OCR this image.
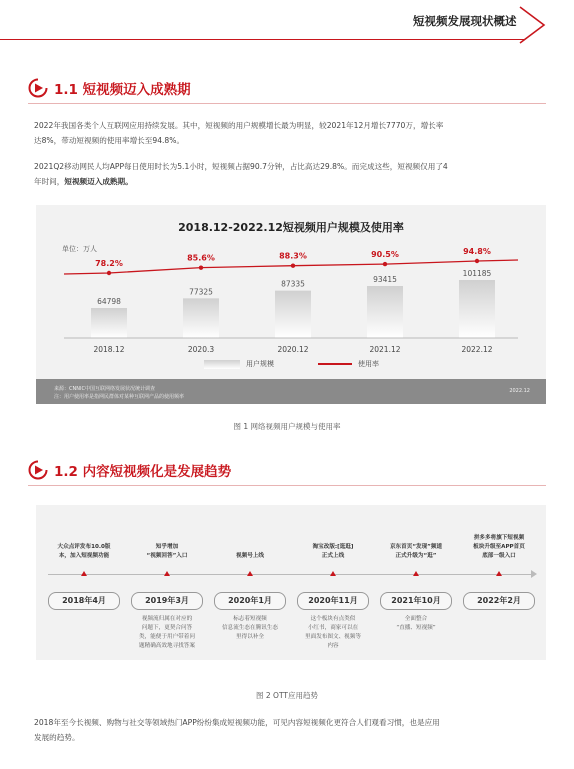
短视频发展现状概述
1.1 短视频迈入成熟期
2022年我国各类个人互联网应用持续发展。其中，短视频的用户规模增长最为明显，较2021年12月增长7770万，增长率
达8%，带动短视频的使用率增长至94.8%。
2021Q2移动网民人均APP每日使用时长为5.1小时，短视频占据90.7分钟，占比高达29.8%。而完成这些，短视频仅用了4
年时间，短视频迈入成熟期。
2018.12-2022.12短视频用户规模及使用率
单位：万人
64798
2018.12
77325
2020.3
87335
2020.12
93415
2021.12
101185
2022.12
78.2%
85.6%	88.3%	90.5%	94.8%
用户规模	使用率
来源：CNNIC中国互联网络发展状况统计调查
注：用户使用率是指网民群体对某种互联网产品的使用频率
2022.12
图 1 网络视频用户规模与使用率
1.2 内容短视频化是发展趋势
大众点评发布10.0版
本，加入短视频功能
2018年4月
知乎增加
“视频回答”入口
2019年3月
视频流归属在对应的
问题下，更契合问答
类，能便于用户带着问
题精确高效地寻找答案
视频号上线
2020年1月
标志着短视频
信息流生态在腾讯生态
里得以补全
淘宝改版:[逛逛]
正式上线
2020年11月
这个板块有点类似
小红书，商家可以在
里面发布图文、视频等
内容
京东首页“发现”频道
正式升级为“逛”
2021年10月
全面整合
“直播、短视频”
拼多多将旗下短视频
板块升级至APP首页
底部一级入口
2022年2月
图 2 OTT应用趋势
2018年至今长视频、购物与社交等领域热门APP纷纷集成短视频功能，可见内容短视频化更符合人们观看习惯，也是应用
发展的趋势。
